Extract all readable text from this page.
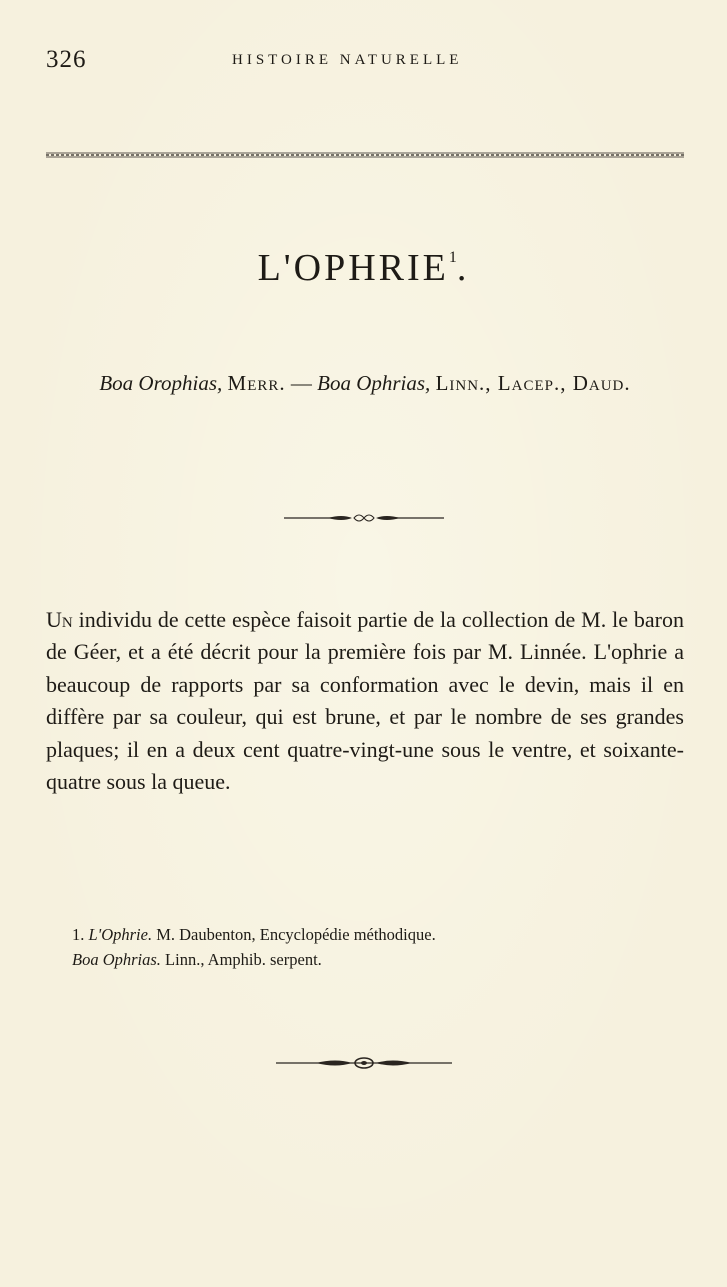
326	HISTOIRE NATURELLE
L'OPHRIE$^1$.
Boa Orophias, Merr. — Boa Ophrias, Linn., Lacep., Daud.
Un individu de cette espèce faisoit partie de la collection de M. le baron de Géer, et a été décrit pour la première fois par M. Linnée. L'ophrie a beaucoup de rapports par sa conformation avec le devin, mais il en diffère par sa couleur, qui est brune, et par le nombre de ses grandes plaques; il en a deux cent quatre-vingt-une sous le ventre, et soixante-quatre sous la queue.
1. L'Ophrie. M. Daubenton, Encyclopédie méthodique.
Boa Ophrias. Linn., Amphib. serpent.
